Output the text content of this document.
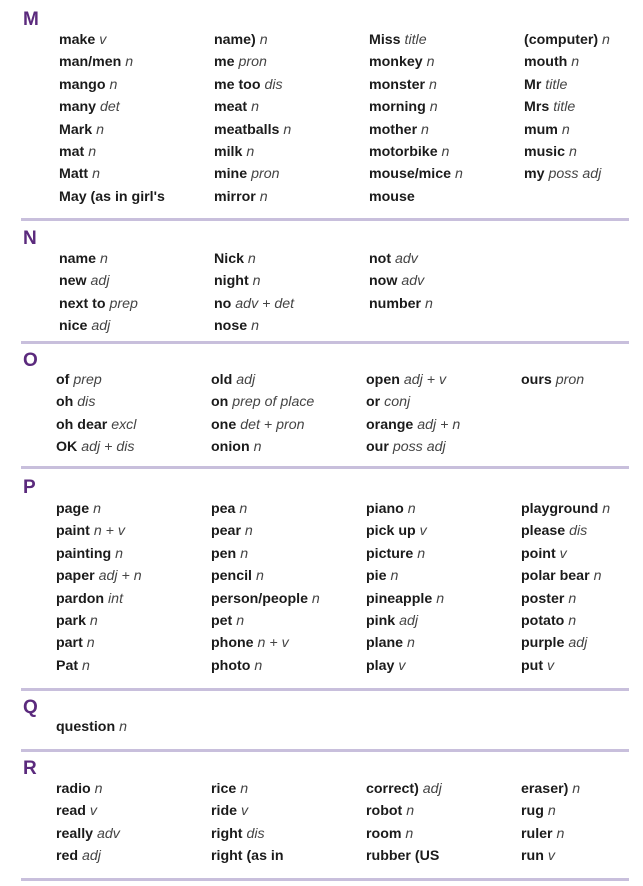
M
make v
man/men n
mango n
many det
Mark n
mat n
Matt n
May (as in girl's
name) n
me pron
me too dis
meat n
meatballs n
milk n
mine pron
mirror n
Miss title
monkey n
monster n
morning n
mother n
motorbike n
mouse/mice n
mouse
(computer) n
mouth n
Mr title
Mrs title
mum n
music n
my poss adj
N
name n
new adj
next to prep
nice adj
Nick n
night n
no adv + det
nose n
not adv
now adv
number n
O
of prep
oh dis
oh dear excl
OK adj + dis
old adj
on prep of place
one det + pron
onion n
open adj + v
or conj
orange adj + n
our poss adj
ours pron
P
page n
paint n + v
painting n
paper adj + n
pardon int
park n
part n
Pat n
pea n
pear n
pen n
pencil n
person/people n
pet n
phone n + v
photo n
piano n
pick up v
picture n
pie n
pineapple n
pink adj
plane n
play v
playground n
please dis
point v
polar bear n
poster n
potato n
purple adj
put v
Q
question n
R
radio n
read v
really adv
red adj
rice n
ride v
right dis
right (as in
correct) adj
robot n
room n
rubber (US
eraser) n
rug n
ruler n
run v
